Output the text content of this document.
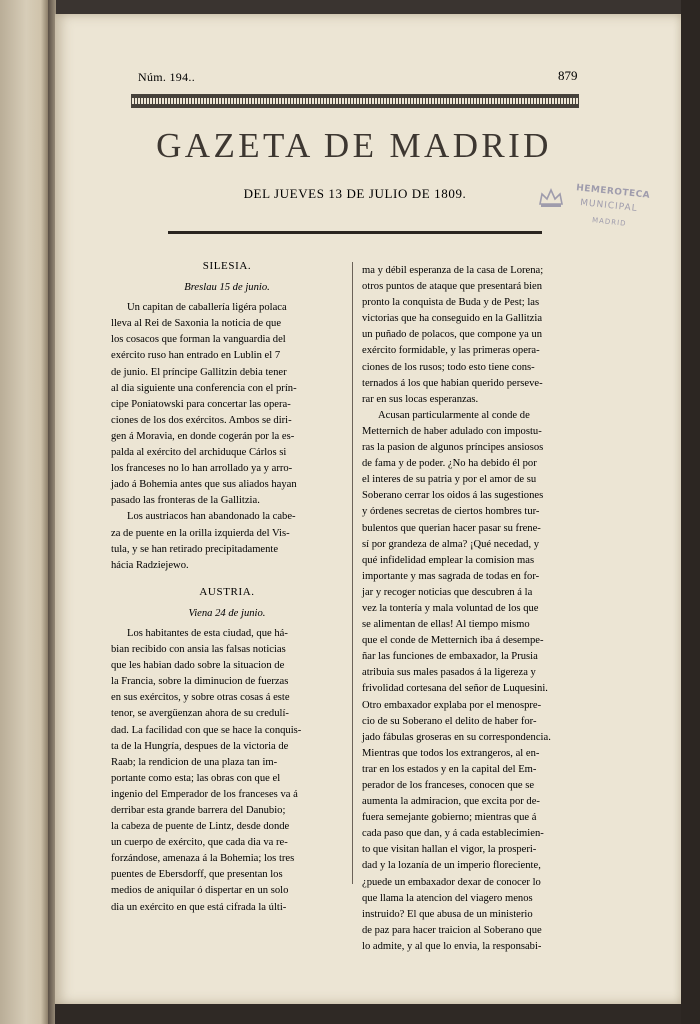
Núm. 194..	879
GAZETA DE MADRID
DEL JUEVES 13 DE JULIO DE 1809.	HEMEROTECA
MUNICIPAL
MADRID

SILESIA.

Breslau 15 de junio.

Un capitan de caballería ligéra polaca

lleva al Rei de Saxonia la noticia de que

los cosacos que forman la vanguardia del

exército ruso han entrado en Lublin el 7

de junio. El príncipe Gallitzin debia tener

al dia siguiente una conferencia con el prín-

cipe Poniatowski para concertar las opera-

ciones de los dos exércitos. Ambos se diri-

gen á Moravia, en donde cogerán por la es-

palda al exército del archiduque Cárlos si

los franceses no lo han arrollado ya y arro-

jado á Bohemia antes que sus aliados hayan

pasado las fronteras de la Gallitzia.

Los austriacos han abandonado la cabe-

za de puente en la orilla izquierda del Vis-

tula, y se han retirado precipitadamente

hácia Radziejewo.

AUSTRIA.

Viena 24 de junio.

Los habitantes de esta ciudad, que há-

bian recibido con ansia las falsas noticias

que les habian dado sobre la situacion de

la Francia, sobre la diminucion de fuerzas

en sus exércitos, y sobre otras cosas á este

tenor, se avergüenzan ahora de su credulí-

dad. La facilidad con que se hace la conquis-

ta de la Hungría, despues de la victoria de

Raab; la rendicion de una plaza tan im-

portante como esta; las obras con que el

ingenio del Emperador de los franceses va á

derribar esta grande barrera del Danubio;

la cabeza de puente de Lintz, desde donde

un cuerpo de exército, que cada dia va re-

forzándose, amenaza á la Bohemia; los tres

puentes de Ebersdorff, que presentan los

medios de aniquilar ó dispertar en un solo

dia un exército en que está cifrada la últi-

ma y débil esperanza de la casa de Lorena;

otros puntos de ataque que presentará bien

pronto la conquista de Buda y de Pest; las

victorias que ha conseguido en la Gallitzia

un puñado de polacos, que compone ya un

exército formidable, y las primeras opera-

ciones de los rusos; todo esto tiene cons-

ternados á los que habian querido perseve-

rar en sus locas esperanzas.

Acusan particularmente al conde de

Metternich de haber adulado con impostu-

ras la pasion de algunos príncipes ansiosos

de fama y de poder. ¿No ha debido él por

el interes de su patria y por el amor de su

Soberano cerrar los oidos á las sugestiones

y órdenes secretas de ciertos hombres tur-

bulentos que querian hacer pasar su frene-

sí por grandeza de alma? ¡Qué necedad, y

qué infidelidad emplear la comision mas

importante y mas sagrada de todas en for-

jar y recoger noticias que descubren á la

vez la tontería y mala voluntad de los que

se alimentan de ellas! Al tiempo mismo

que el conde de Metternich iba á desempe-

ñar las funciones de embaxador, la Prusia

atribuia sus males pasados á la ligereza y

frivolidad cortesana del señor de Luquesini.

Otro embaxador explaba por el menospre-

cio de su Soberano el delito de haber for-

jado fábulas groseras en su correspondencia.

Mientras que todos los extrangeros, al en-

trar en los estados y en la capital del Em-

perador de los franceses, conocen que se

aumenta la admiracion, que excita por de-

fuera semejante gobierno; mientras que á

cada paso que dan, y á cada establecimien-

to que visitan hallan el vigor, la prosperi-

dad y la lozanía de un imperio floreciente,

¿puede un embaxador dexar de conocer lo

que llama la atencion del viagero menos

instruido? El que abusa de un ministerio

de paz para hacer traicion al Soberano que

lo admite, y al que lo envia, la responsabi-
